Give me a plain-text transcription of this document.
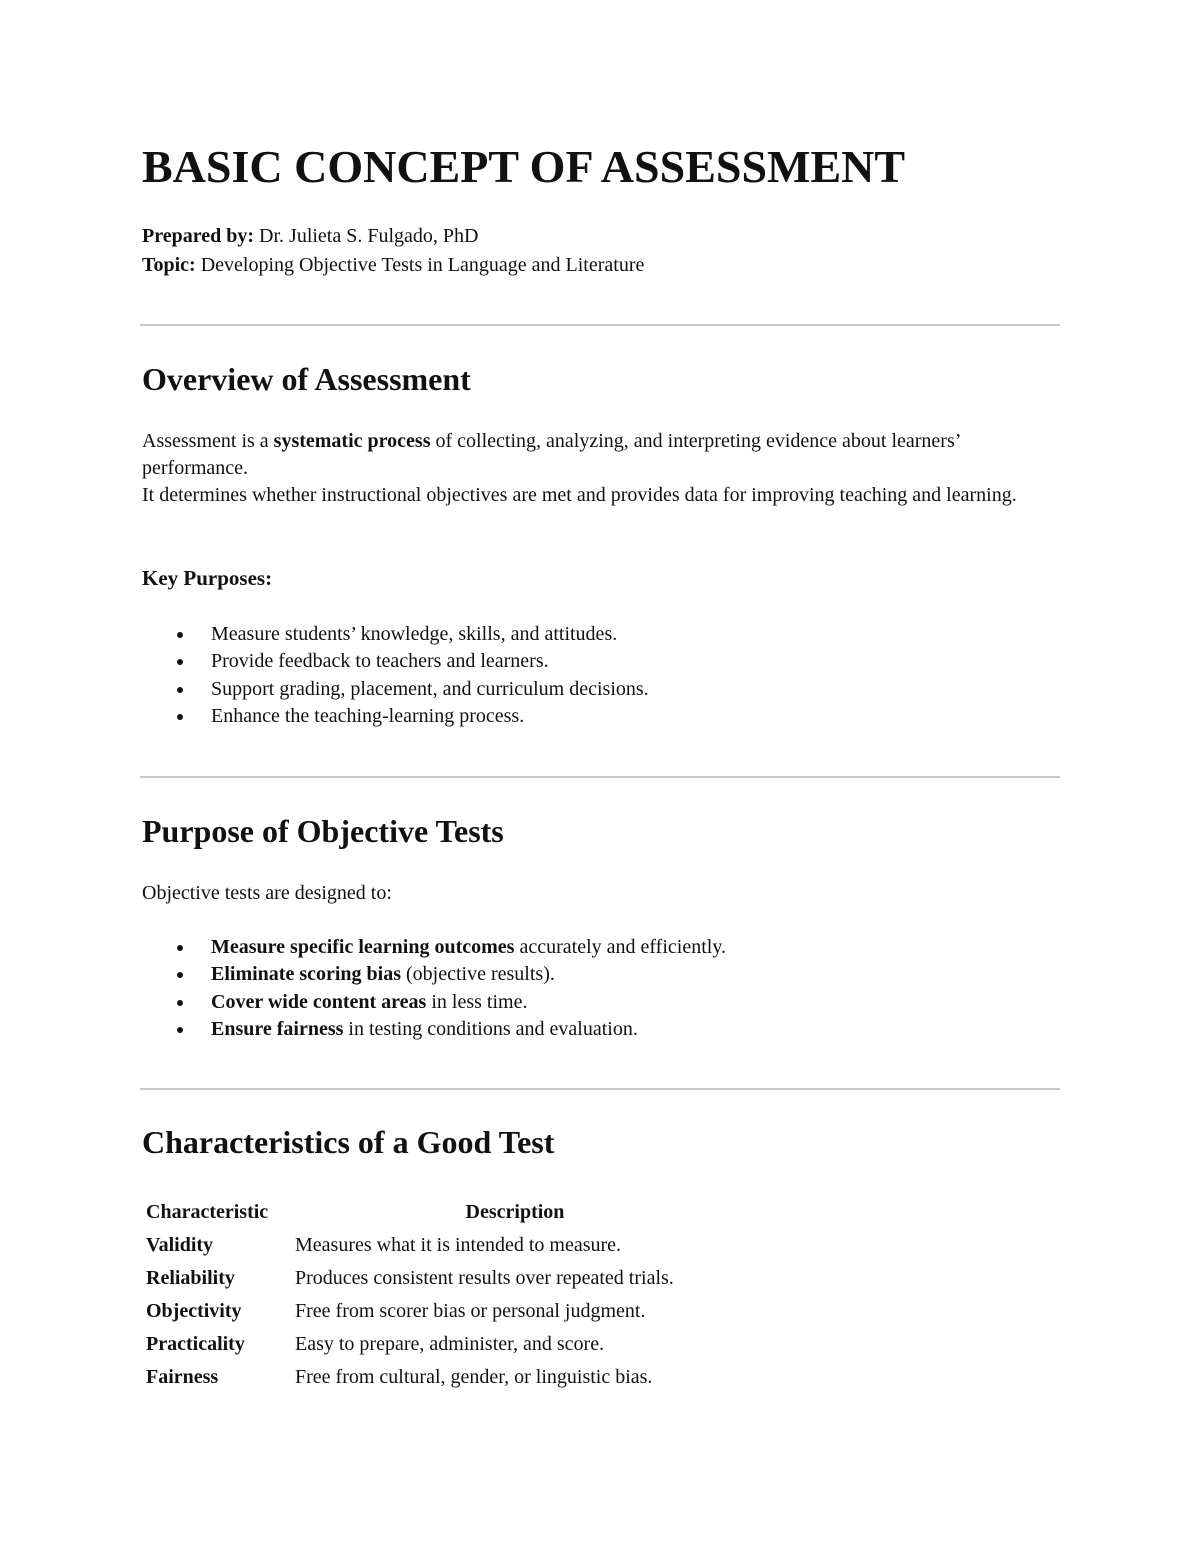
BASIC CONCEPT OF ASSESSMENT

Prepared by: Dr. Julieta S. Fulgado, PhD

Topic: Developing Objective Tests in Language and Literature

Overview of Assessment

Assessment is a systematic process of collecting, analyzing, and interpreting evidence about learners’ performance.

It determines whether instructional objectives are met and provides data for improving teaching and learning.

Key Purposes:
Measure students’ knowledge, skills, and attitudes.
Provide feedback to teachers and learners.
Support grading, placement, and curriculum decisions.
Enhance the teaching-learning process.
Purpose of Objective Tests

Objective tests are designed to:

Measure specific learning outcomes accurately and efficiently.
Eliminate scoring bias (objective results).
Cover wide content areas in less time.
Ensure fairness in testing conditions and evaluation.
Characteristics of a Good Test
Characteristic	Description
Validity	Measures what it is intended to measure.
Reliability	Produces consistent results over repeated trials.
Objectivity	Free from scorer bias or personal judgment.
Practicality	Easy to prepare, administer, and score.
Fairness	Free from cultural, gender, or linguistic bias.
